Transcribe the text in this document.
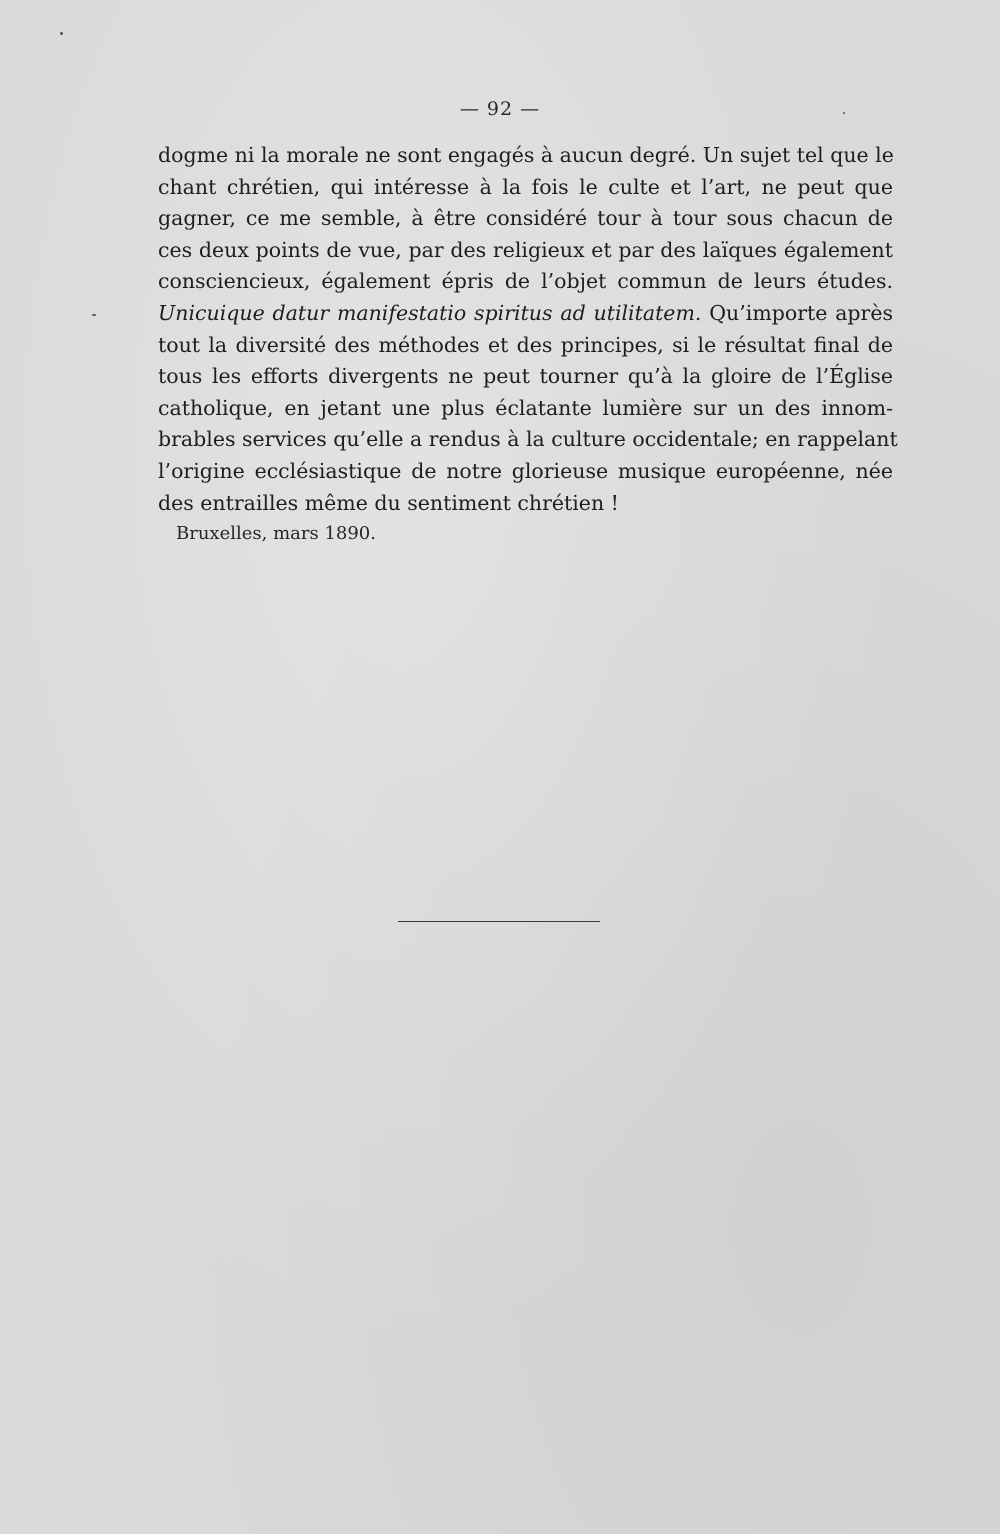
— 92 —
dogme ni la morale ne sont engagés à aucun degré. Un sujet tel que le
chant chrétien, qui intéresse à la fois le culte et l’art, ne peut que
gagner, ce me semble, à être considéré tour à tour sous chacun de
ces deux points de vue, par des religieux et par des laïques également
consciencieux, également épris de l’objet commun de leurs études.
Unicuique datur manifestatio spiritus ad utilitatem. Qu’importe après
tout la diversité des méthodes et des principes, si le résultat final de
tous les efforts divergents ne peut tourner qu’à la gloire de l’Église
catholique, en jetant une plus éclatante lumière sur un des innom-
brables services qu’elle a rendus à la culture occidentale; en rappelant
l’origine ecclésiastique de notre glorieuse musique européenne, née
des entrailles même du sentiment chrétien !
Bruxelles, mars 1890.
